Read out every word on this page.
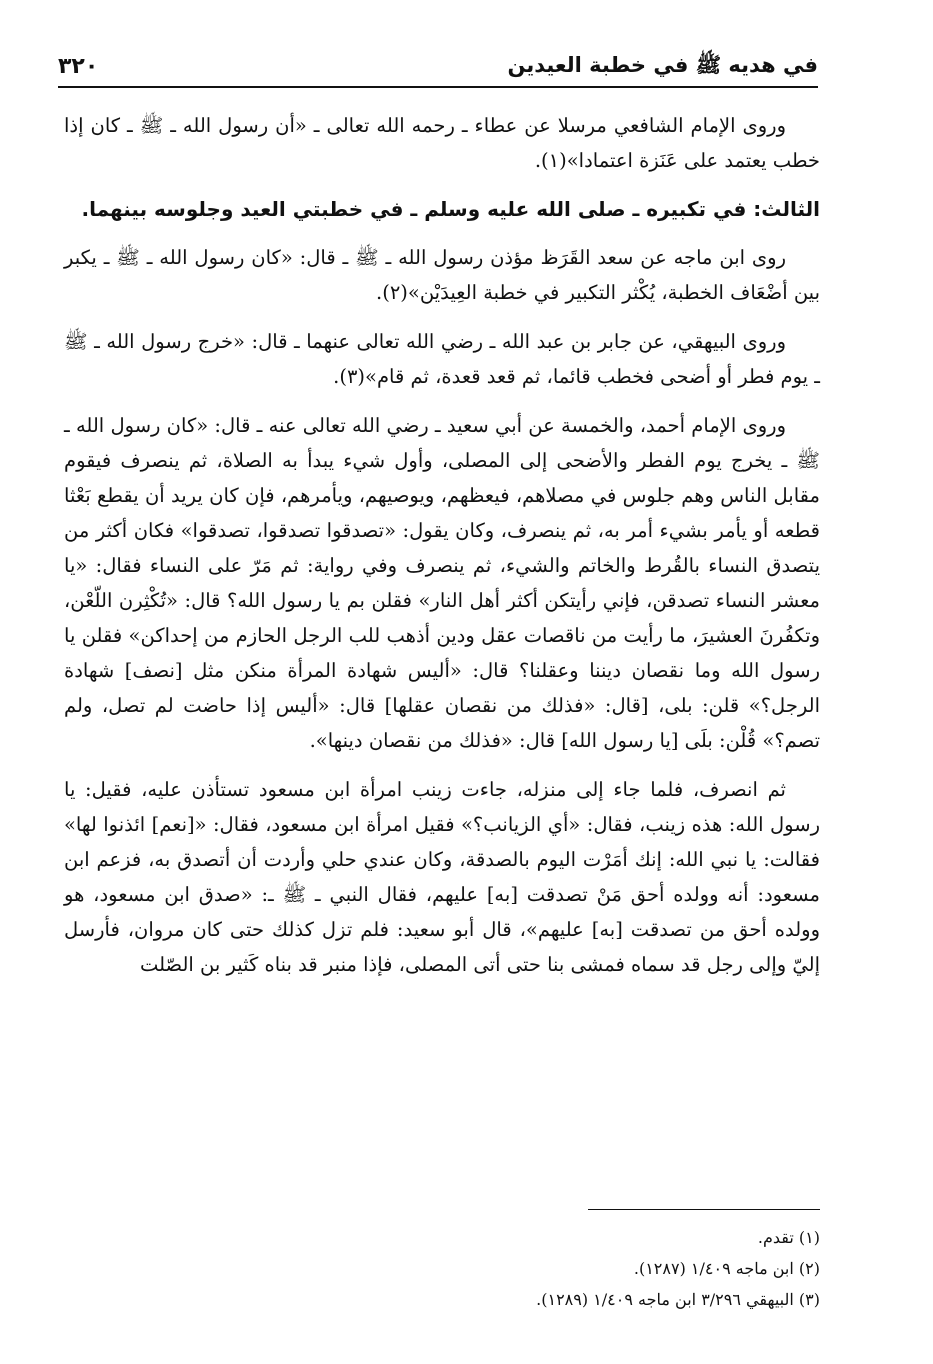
في هديه ﷺ في خطبة العيدين
٣٢٠

وروى الإمام الشافعي مرسلا عن عطاء ـ رحمه الله تعالى ـ «أن رسول الله ـ ﷺ ـ كان إذا خطب يعتمد على عَنَزة اعتمادا»(١).

الثالث: في تكبيره ـ صلى الله عليه وسلم ـ في خطبتي العيد وجلوسه بينهما.

روى ابن ماجه عن سعد القَرَظ مؤذن رسول الله ـ ﷺ ـ قال: «كان رسول الله ـ ﷺ ـ يكبر بين أضْعَاف الخطبة، يُكْثر التكبير في خطبة العِيدَيْن»(٢).

وروى البيهقي، عن جابر بن عبد الله ـ رضي الله تعالى عنهما ـ قال: «خرج رسول الله ـ ﷺ ـ يوم فطر أو أضحى فخطب قائما، ثم قعد قعدة، ثم قام»(٣).

وروى الإمام أحمد، والخمسة عن أبي سعيد ـ رضي الله تعالى عنه ـ قال: «كان رسول الله ـ ﷺ ـ يخرج يوم الفطر والأضحى إلى المصلى، وأول شيء يبدأ به الصلاة، ثم ينصرف فيقوم مقابل الناس وهم جلوس في مصلاهم، فيعظهم، ويوصيهم، ويأمرهم، فإن كان يريد أن يقطع بَعْثا قطعه أو يأمر بشيء أمر به، ثم ينصرف، وكان يقول: «تصدقوا تصدقوا، تصدقوا» فكان أكثر من يتصدق النساء بالقُرط والخاتم والشيء، ثم ينصرف وفي رواية: ثم مَرّ على النساء فقال: «يا معشر النساء تصدقن، فإني رأيتكن أكثر أهل النار» فقلن بم يا رسول الله؟ قال: «تُكْثِرن اللّعْن، وتكفُرنَ العشيرَ، ما رأيت من ناقصات عقل ودين أذهب للب الرجل الحازم من إحداكن» فقلن يا رسول الله وما نقصان ديننا وعقلنا؟ قال: «أليس شهادة المرأة منكن مثل [نصف] شهادة الرجل؟» قلن: بلى، [قال: «فذلك من نقصان عقلها] قال: «أليس إذا حاضت لم تصل، ولم تصم؟» قُلْن: بلَى [يا رسول الله] قال: «فذلك من نقصان دينها».

ثم انصرف، فلما جاء إلى منزله، جاءت زينب امرأة ابن مسعود تستأذن عليه، فقيل: يا رسول الله: هذه زينب، فقال: «أي الزيانب؟» فقيل امرأة ابن مسعود، فقال: «[نعم] ائذنوا لها» فقالت: يا نبي الله: إنك أمَرْت اليوم بالصدقة، وكان عندي حلي وأردت أن أتصدق به، فزعم ابن مسعود: أنه وولده أحق مَنْ تصدقت [به] عليهم، فقال النبي ـ ﷺ ـ: «صدق ابن مسعود، هو وولده أحق من تصدقت [به] عليهم»، قال أبو سعيد: فلم تزل كذلك حتى كان مروان، فأرسل إليّ وإلى رجل قد سماه فمشى بنا حتى أتى المصلى، فإذا منبر قد بناه كَثير بن الصّلت

(١) تقدم.
(٢) ابن ماجه ١/٤٠٩ (١٢٨٧).
(٣) البيهقي ٣/٢٩٦ ابن ماجه ١/٤٠٩ (١٢٨٩).
